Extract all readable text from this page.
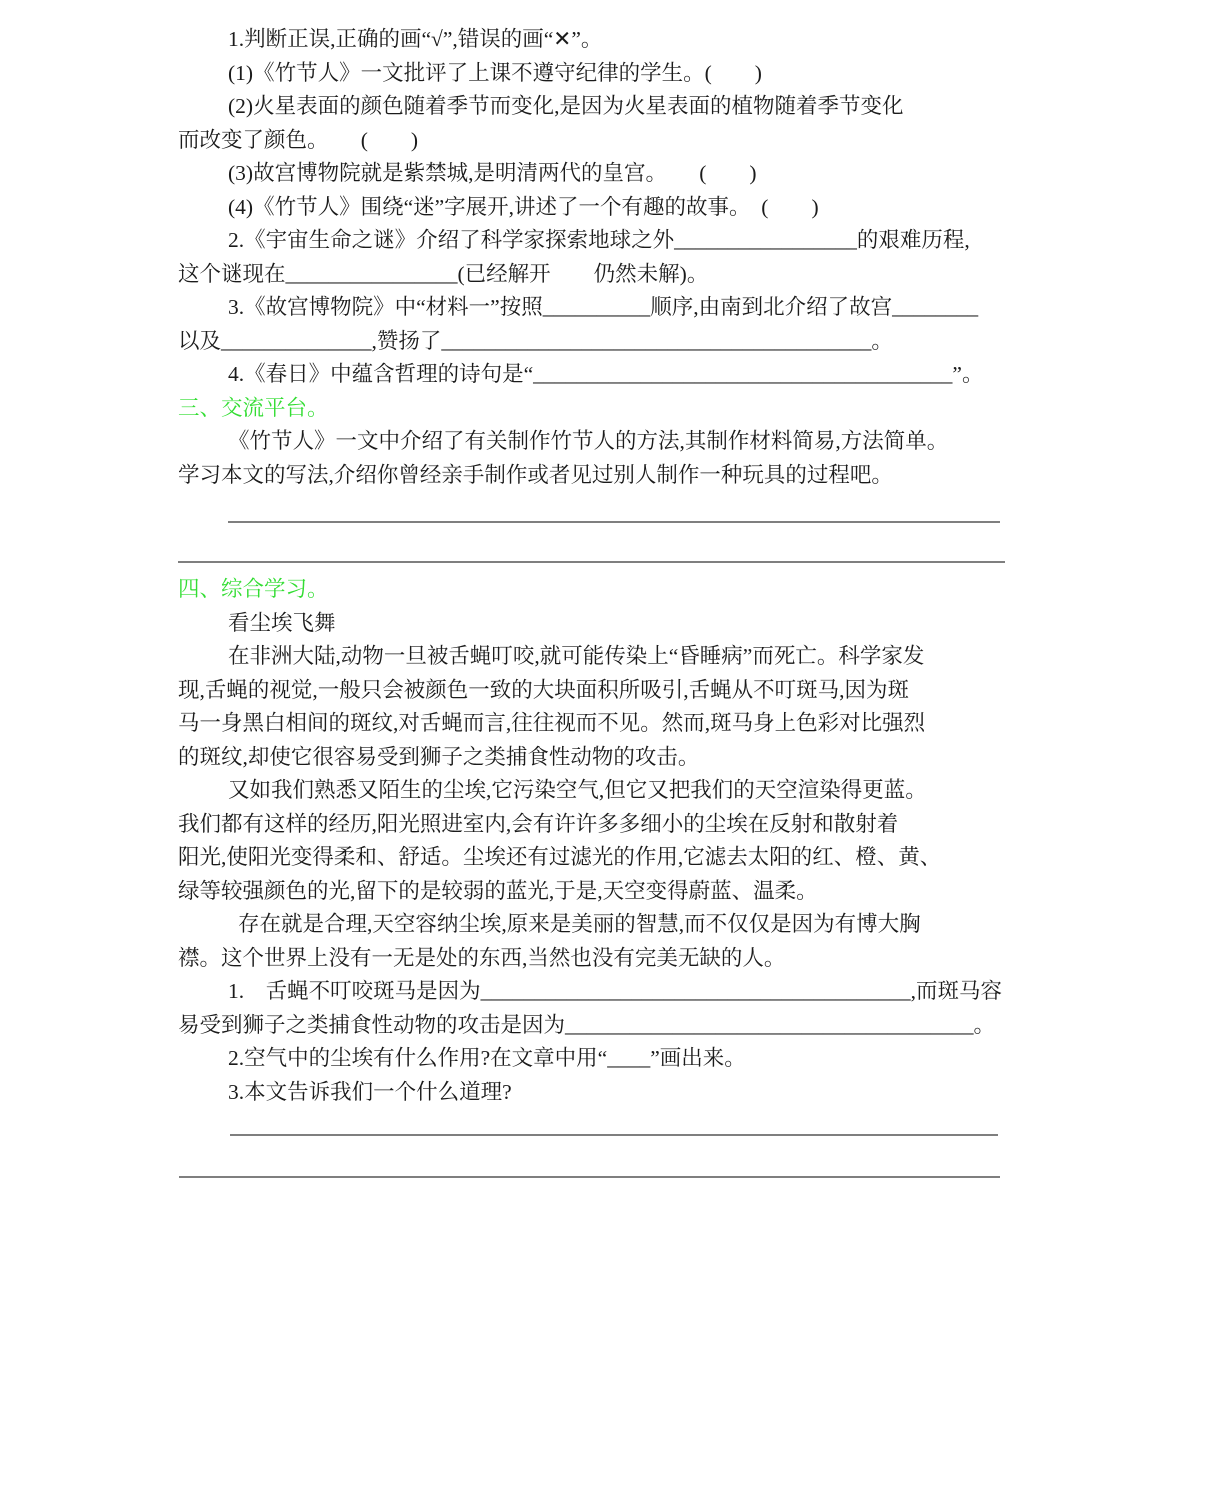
1.判断正误,正确的画“√”,错误的画“✕”。
(1)《竹节人》一文批评了上课不遵守纪律的学生。(　　)
(2)火星表面的颜色随着季节而变化,是因为火星表面的植物随着季节变化
而改变了颜色。　　(　　)
(3)故宫博物院就是紫禁城,是明清两代的皇宫。　　(　　)
(4)《竹节人》围绕“迷”字展开,讲述了一个有趣的故事。　(　　)
2.《宇宙生命之谜》介绍了科学家探索地球之外_________________的艰难历程,
这个谜现在________________(已经解开　　仍然未解)。
3.《故宫博物院》中“材料一”按照__________顺序,由南到北介绍了故宫________
以及______________,赞扬了________________________________________。
4.《春日》中蕴含哲理的诗句是“_______________________________________”。
三、交流平台。
《竹节人》一文中介绍了有关制作竹节人的方法,其制作材料简易,方法简单。
学习本文的写法,介绍你曾经亲手制作或者见过别人制作一种玩具的过程吧。
四、综合学习。
看尘埃飞舞
在非洲大陆,动物一旦被舌蝇叮咬,就可能传染上“昏睡病”而死亡。科学家发
现,舌蝇的视觉,一般只会被颜色一致的大块面积所吸引,舌蝇从不叮斑马,因为斑
马一身黑白相间的斑纹,对舌蝇而言,往往视而不见。然而,斑马身上色彩对比强烈
的斑纹,却使它很容易受到狮子之类捕食性动物的攻击。
又如我们熟悉又陌生的尘埃,它污染空气,但它又把我们的天空渲染得更蓝。
我们都有这样的经历,阳光照进室内,会有许许多多细小的尘埃在反射和散射着
阳光,使阳光变得柔和、舒适。尘埃还有过滤光的作用,它滤去太阳的红、橙、黄、
绿等较强颜色的光,留下的是较弱的蓝光,于是,天空变得蔚蓝、温柔。
存在就是合理,天空容纳尘埃,原来是美丽的智慧,而不仅仅是因为有博大胸
襟。这个世界上没有一无是处的东西,当然也没有完美无缺的人。
1.　舌蝇不叮咬斑马是因为________________________________________,而斑马容
易受到狮子之类捕食性动物的攻击是因为______________________________________。
2.空气中的尘埃有什么作用?在文章中用“____”画出来。
3.本文告诉我们一个什么道理?
